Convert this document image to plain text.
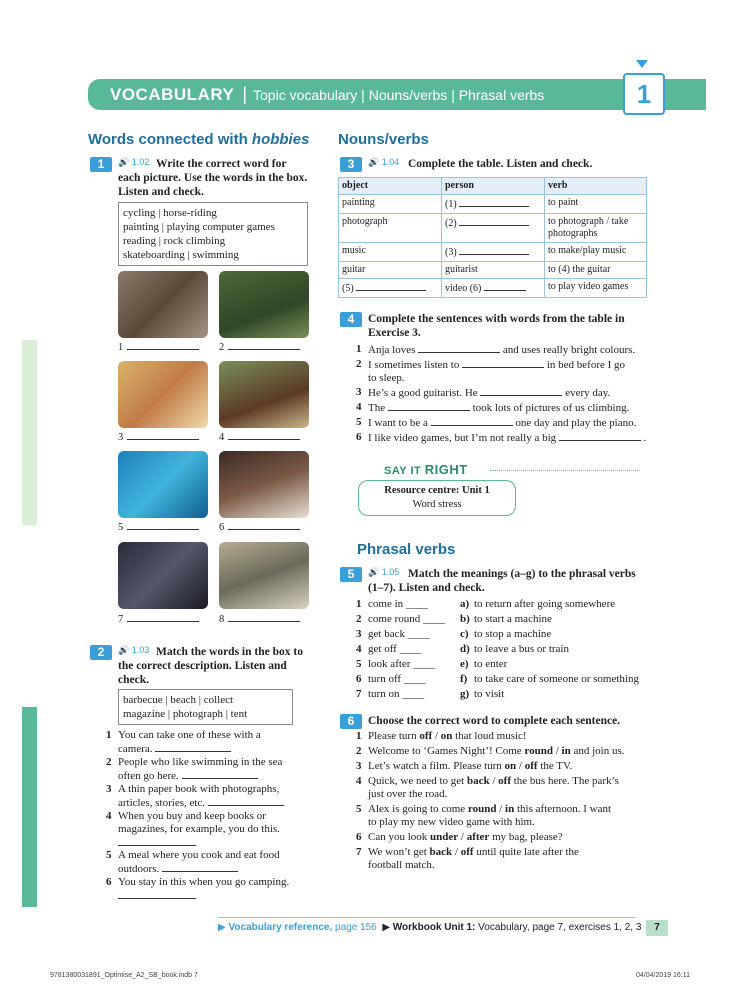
VOCABULARY | Topic vocabulary | Nouns/verbs | Phrasal verbs	1
Words connected with hobbies
1	🔊 1.02 Write the correct word for each picture. Use the words in the box. Listen and check.
cycling | horse-riding
painting | playing computer games
reading | rock climbing
skateboarding | swimming
1	2
3	4
5	6
7	8
2	🔊 1.03 Match the words in the box to the correct description. Listen and check.
barbecue | beach | collect
magazine | photograph | tent
1 You can take one of these with a
camera.
2 People who like swimming in the sea
often go here.
3 A thin paper book with photographs,
articles, stories, etc.
4 When you buy and keep books or
magazines, for example, you do this.

5 A meal where you cook and eat food
outdoors.
6 You stay in this when you go camping.

Nouns/verbs
3	🔊 1.04 Complete the table. Listen and check.
object	person	verb
painting	(1)	to paint
photograph	(2)	to photograph / take photographs
music	(3)	to make/play music
guitar	guitarist	to (4) the guitar
(5)	video (6)	to play video games
4	Complete the sentences with words from the table in Exercise 3.
1 Anja loves	and uses really bright colours.
2 I sometimes listen to	in bed before I go
to sleep.
3 He’s a good guitarist. He	every day.
4 The	took lots of pictures of us climbing.
5 I want to be a	one day and play the piano.
6 I like video games, but I’m not really a big	.
SAY IT RIGHT
Resource centre: Unit 1
Word stress
Phrasal verbs
5	🔊 1.05 Match the meanings (a–g) to the phrasal verbs (1–7). Listen and check.
1 come in ____	a) to return after going somewhere
2 come round ____ b) to start a machine
3 get back ____	c) to stop a machine
4 get off ____	d) to leave a bus or train
5 look after ____ e) to enter
6 turn off ____	f) to take care of someone or something
7 turn on ____	g) to visit
6	Choose the correct word to complete each sentence.
1 Please turn off / on that loud music!
2 Welcome to ‘Games Night’! Come round / in and join us.
3 Let’s watch a film. Please turn on / off the TV.
4 Quick, we need to get back / off the bus here. The park’s
just over the road.
5 Alex is going to come round / in this afternoon. I want
to play my new video game with him.
6 Can you look under / after my bag, please?
7 We won’t get back / off until quite late after the
football match.
▶ Vocabulary reference, page 156 ▶ Workbook Unit 1: Vocabulary, page 7, exercises 1, 2, 3	7
9781380031891_Optimise_A2_SB_book.indb 7	04/04/2019 16:11
